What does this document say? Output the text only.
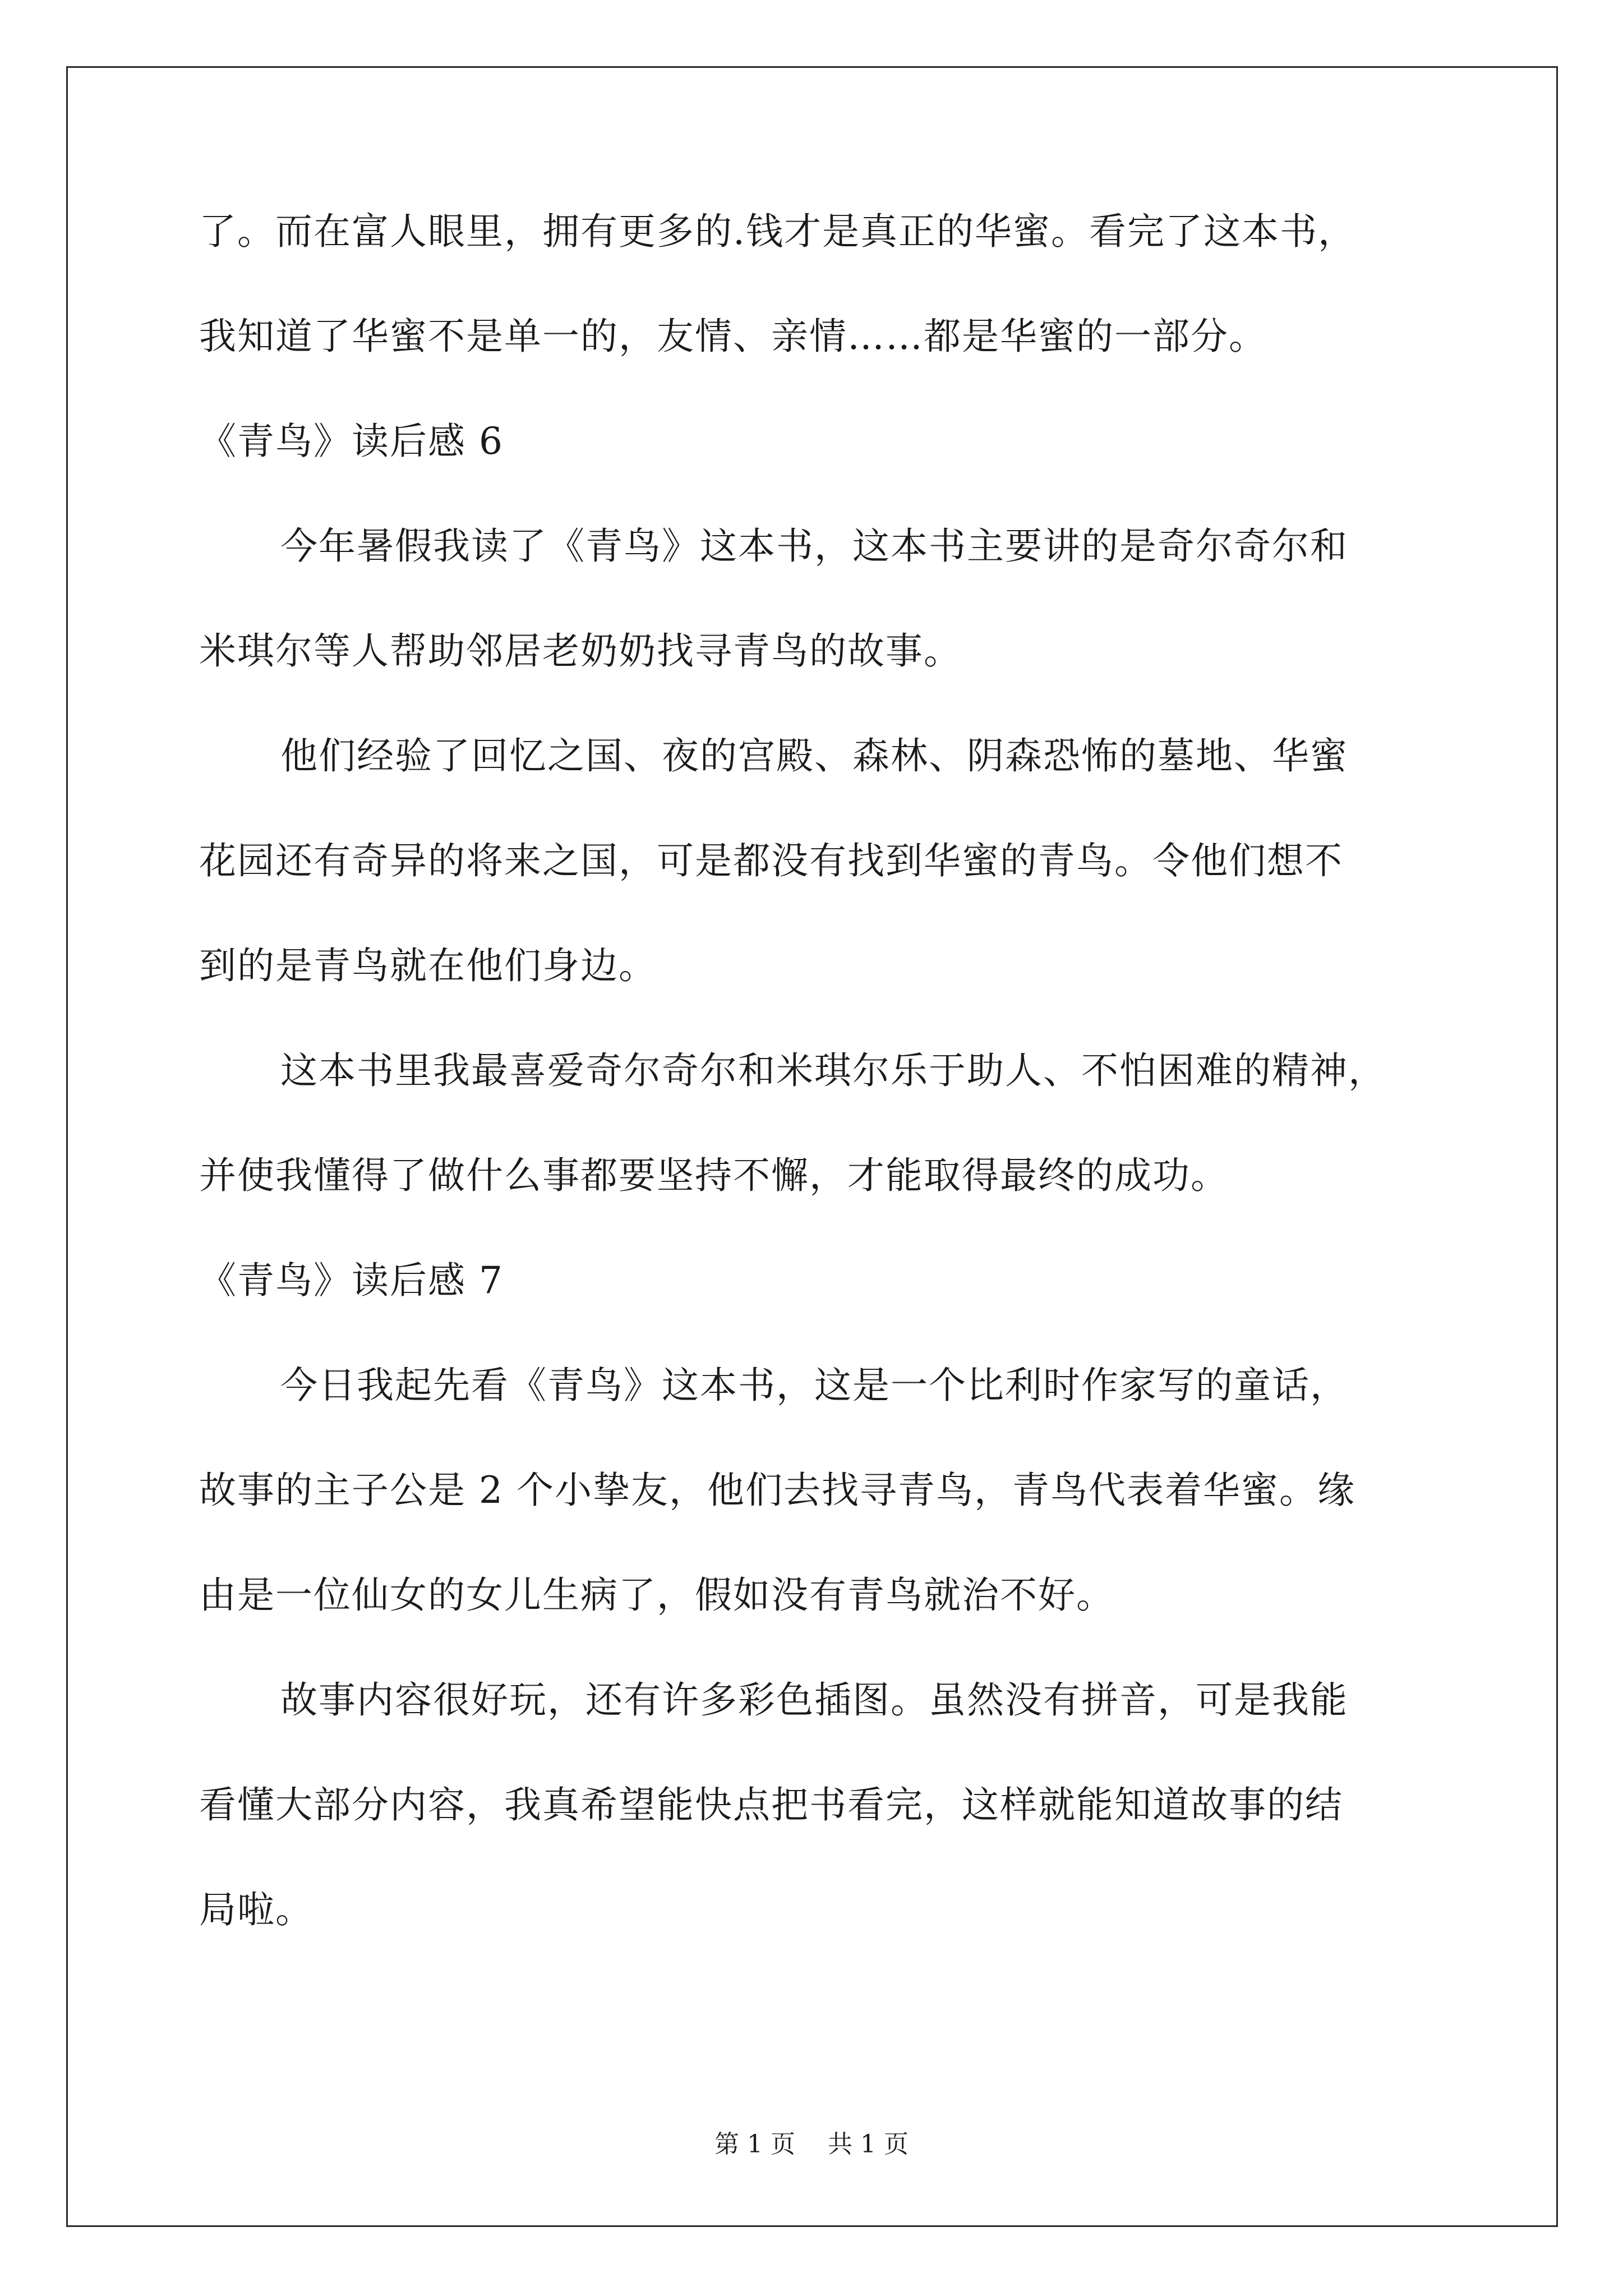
了。而在富人眼里，拥有更多的.钱才是真正的华蜜。看完了这本书，
我知道了华蜜不是单一的，友情、亲情……都是华蜜的一部分。
《青鸟》读后感 6
今年暑假我读了《青鸟》这本书，这本书主要讲的是奇尔奇尔和
米琪尔等人帮助邻居老奶奶找寻青鸟的故事。
他们经验了回忆之国、夜的宫殿、森林、阴森恐怖的墓地、华蜜
花园还有奇异的将来之国，可是都没有找到华蜜的青鸟。令他们想不
到的是青鸟就在他们身边。
这本书里我最喜爱奇尔奇尔和米琪尔乐于助人、不怕困难的精神，
并使我懂得了做什么事都要坚持不懈，才能取得最终的成功。
《青鸟》读后感 7
今日我起先看《青鸟》这本书，这是一个比利时作家写的童话，
故事的主子公是 2 个小挚友，他们去找寻青鸟，青鸟代表着华蜜。缘
由是一位仙女的女儿生病了，假如没有青鸟就治不好。
故事内容很好玩，还有许多彩色插图。虽然没有拼音，可是我能
看懂大部分内容，我真希望能快点把书看完，这样就能知道故事的结
局啦。
第 1 页 共 1 页
